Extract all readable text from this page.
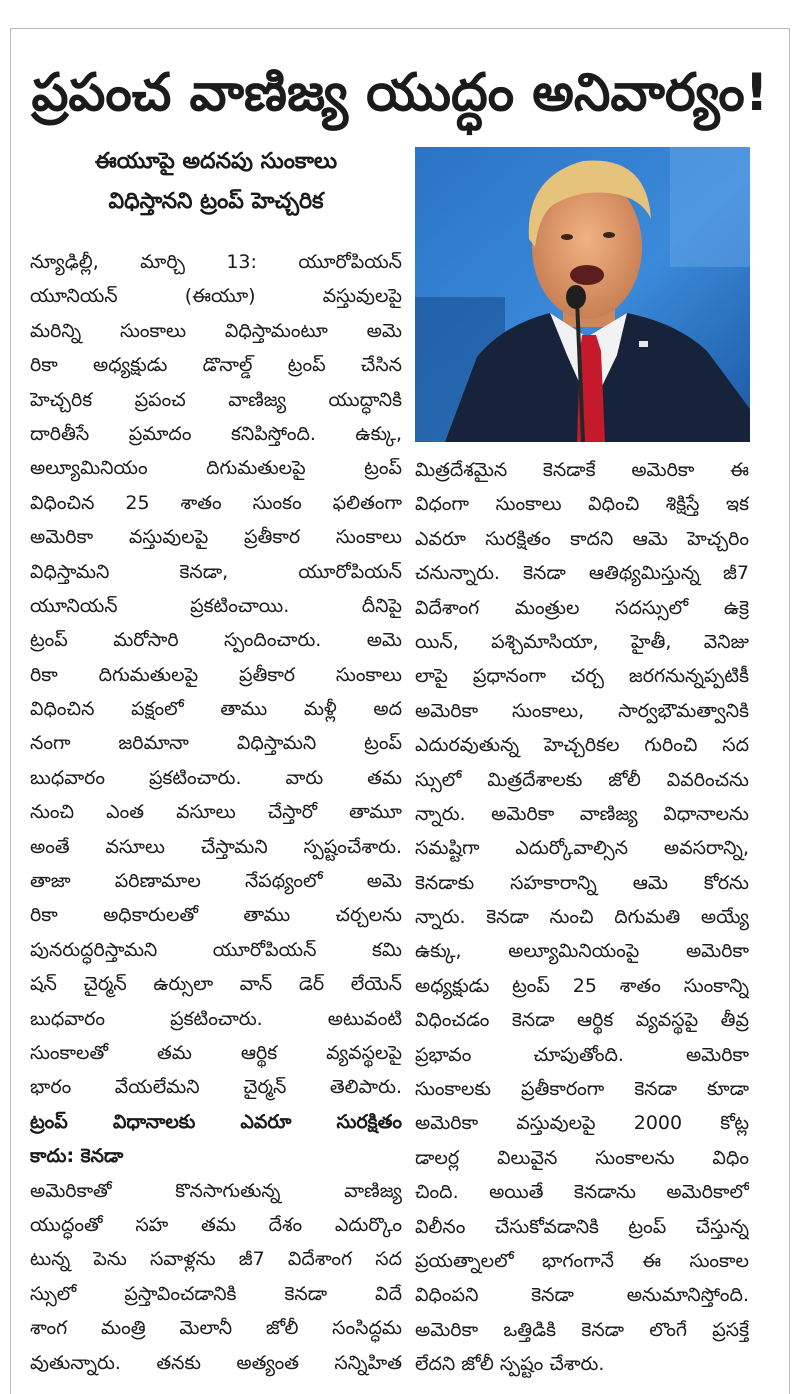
ప్రపంచ వాణిజ్య యుద్ధం అనివార్యం!
ఈయూపై అదనపు సుంకాలు
విధిస్తానని ట్రంప్ హెచ్చరిక
న్యూఢిల్లీ, మార్చి 13: యూరోపియన్
యూనియన్ (ఈయూ) వస్తువులపై
మరిన్ని సుంకాలు విధిస్తామంటూ అమె
రికా అధ్యక్షుడు డొనాల్డ్ ట్రంప్ చేసిన
హెచ్చరిక ప్రపంచ వాణిజ్య యుద్ధానికి
దారితీసే ప్రమాదం కనిపిస్తోంది. ఉక్కు,
అల్యూమినియం దిగుమతులపై ట్రంప్
విధించిన 25 శాతం సుంకం ఫలితంగా
అమెరికా వస్తువులపై ప్రతీకార సుంకాలు
విధిస్తామని కెనడా, యూరోపియన్
యూనియన్ ప్రకటించాయి. దీనిపై
ట్రంప్ మరోసారి స్పందించారు. అమె
రికా దిగుమతులపై ప్రతీకార సుంకాలు
విధించిన పక్షంలో తాము మళ్లీ అద
నంగా జరిమానా విధిస్తామని ట్రంప్
బుధవారం ప్రకటించారు. వారు తమ
నుంచి ఎంత వసూలు చేస్తారో తామూ
అంతే వసూలు చేస్తామని స్పష్టంచేశారు.
తాజా పరిణామాల నేపథ్యంలో అమె
రికా అధికారులతో తాము చర్చలను
పునరుద్ధరిస్తామని యూరోపియన్ కమి
షన్ చైర్మన్ ఉర్సులా వాన్ డెర్ లేయెన్
బుధవారం ప్రకటించారు. అటువంటి
సుంకాలతో తమ ఆర్థిక వ్యవస్థలపై
భారం వేయలేమని చైర్మన్ తెలిపారు.
ట్రంప్ విధానాలకు ఎవరూ సురక్షితం
కాదు: కెనడా
అమెరికాతో కొనసాగుతున్న వాణిజ్య
యుద్ధంతో సహ తమ దేశం ఎదుర్కొం
టున్న పెను సవాళ్లను జీ7 విదేశాంగ సద
స్సులో ప్రస్తావించడానికి కెనడా విదే
శాంగ మంత్రి మెలానీ జోలీ సంసిద్ధమ
వుతున్నారు. తనకు అత్యంత సన్నిహిత
మిత్రదేశమైన కెనడాకే అమెరికా ఈ
విధంగా సుంకాలు విధించి శిక్షిస్తే ఇక
ఎవరూ సురక్షితం కాదని ఆమె హెచ్చరిం
చనున్నారు. కెనడా ఆతిథ్యమిస్తున్న జీ7
విదేశాంగ మంత్రుల సదస్సులో ఉక్రె
యిన్, పశ్చిమాసియా, హైతీ, వెనిజు
లాపై ప్రధానంగా చర్చ జరగనున్నప్పటికీ
అమెరికా సుంకాలు, సార్వభౌమత్వానికి
ఎదురవుతున్న హెచ్చరికల గురించి సద
స్సులో మిత్రదేశాలకు జోలీ వివరించను
న్నారు. అమెరికా వాణిజ్య విధానాలను
సమష్టిగా ఎదుర్కోవాల్సిన అవసరాన్ని,
కెనడాకు సహకారాన్ని ఆమె కోరను
న్నారు. కెనడా నుంచి దిగుమతి అయ్యే
ఉక్కు, అల్యూమినియంపై అమెరికా
అధ్యక్షుడు ట్రంప్ 25 శాతం సుంకాన్ని
విధించడం కెనడా ఆర్థిక వ్యవస్థపై తీవ్ర
ప్రభావం చూపుతోంది. అమెరికా
సుంకాలకు ప్రతీకారంగా కెనడా కూడా
అమెరికా వస్తువులపై 2000 కోట్ల
డాలర్ల విలువైన సుంకాలను విధిం
చింది. అయితే కెనడాను అమెరికాలో
విలీనం చేసుకోవడానికి ట్రంప్ చేస్తున్న
ప్రయత్నాలలో భాగంగానే ఈ సుంకాల
విధింపని కెనడా అనుమానిస్తోంది.
అమెరికా ఒత్తిడికి కెనడా లొంగే ప్రసక్తే
లేదని జోలీ స్పష్టం చేశారు.
